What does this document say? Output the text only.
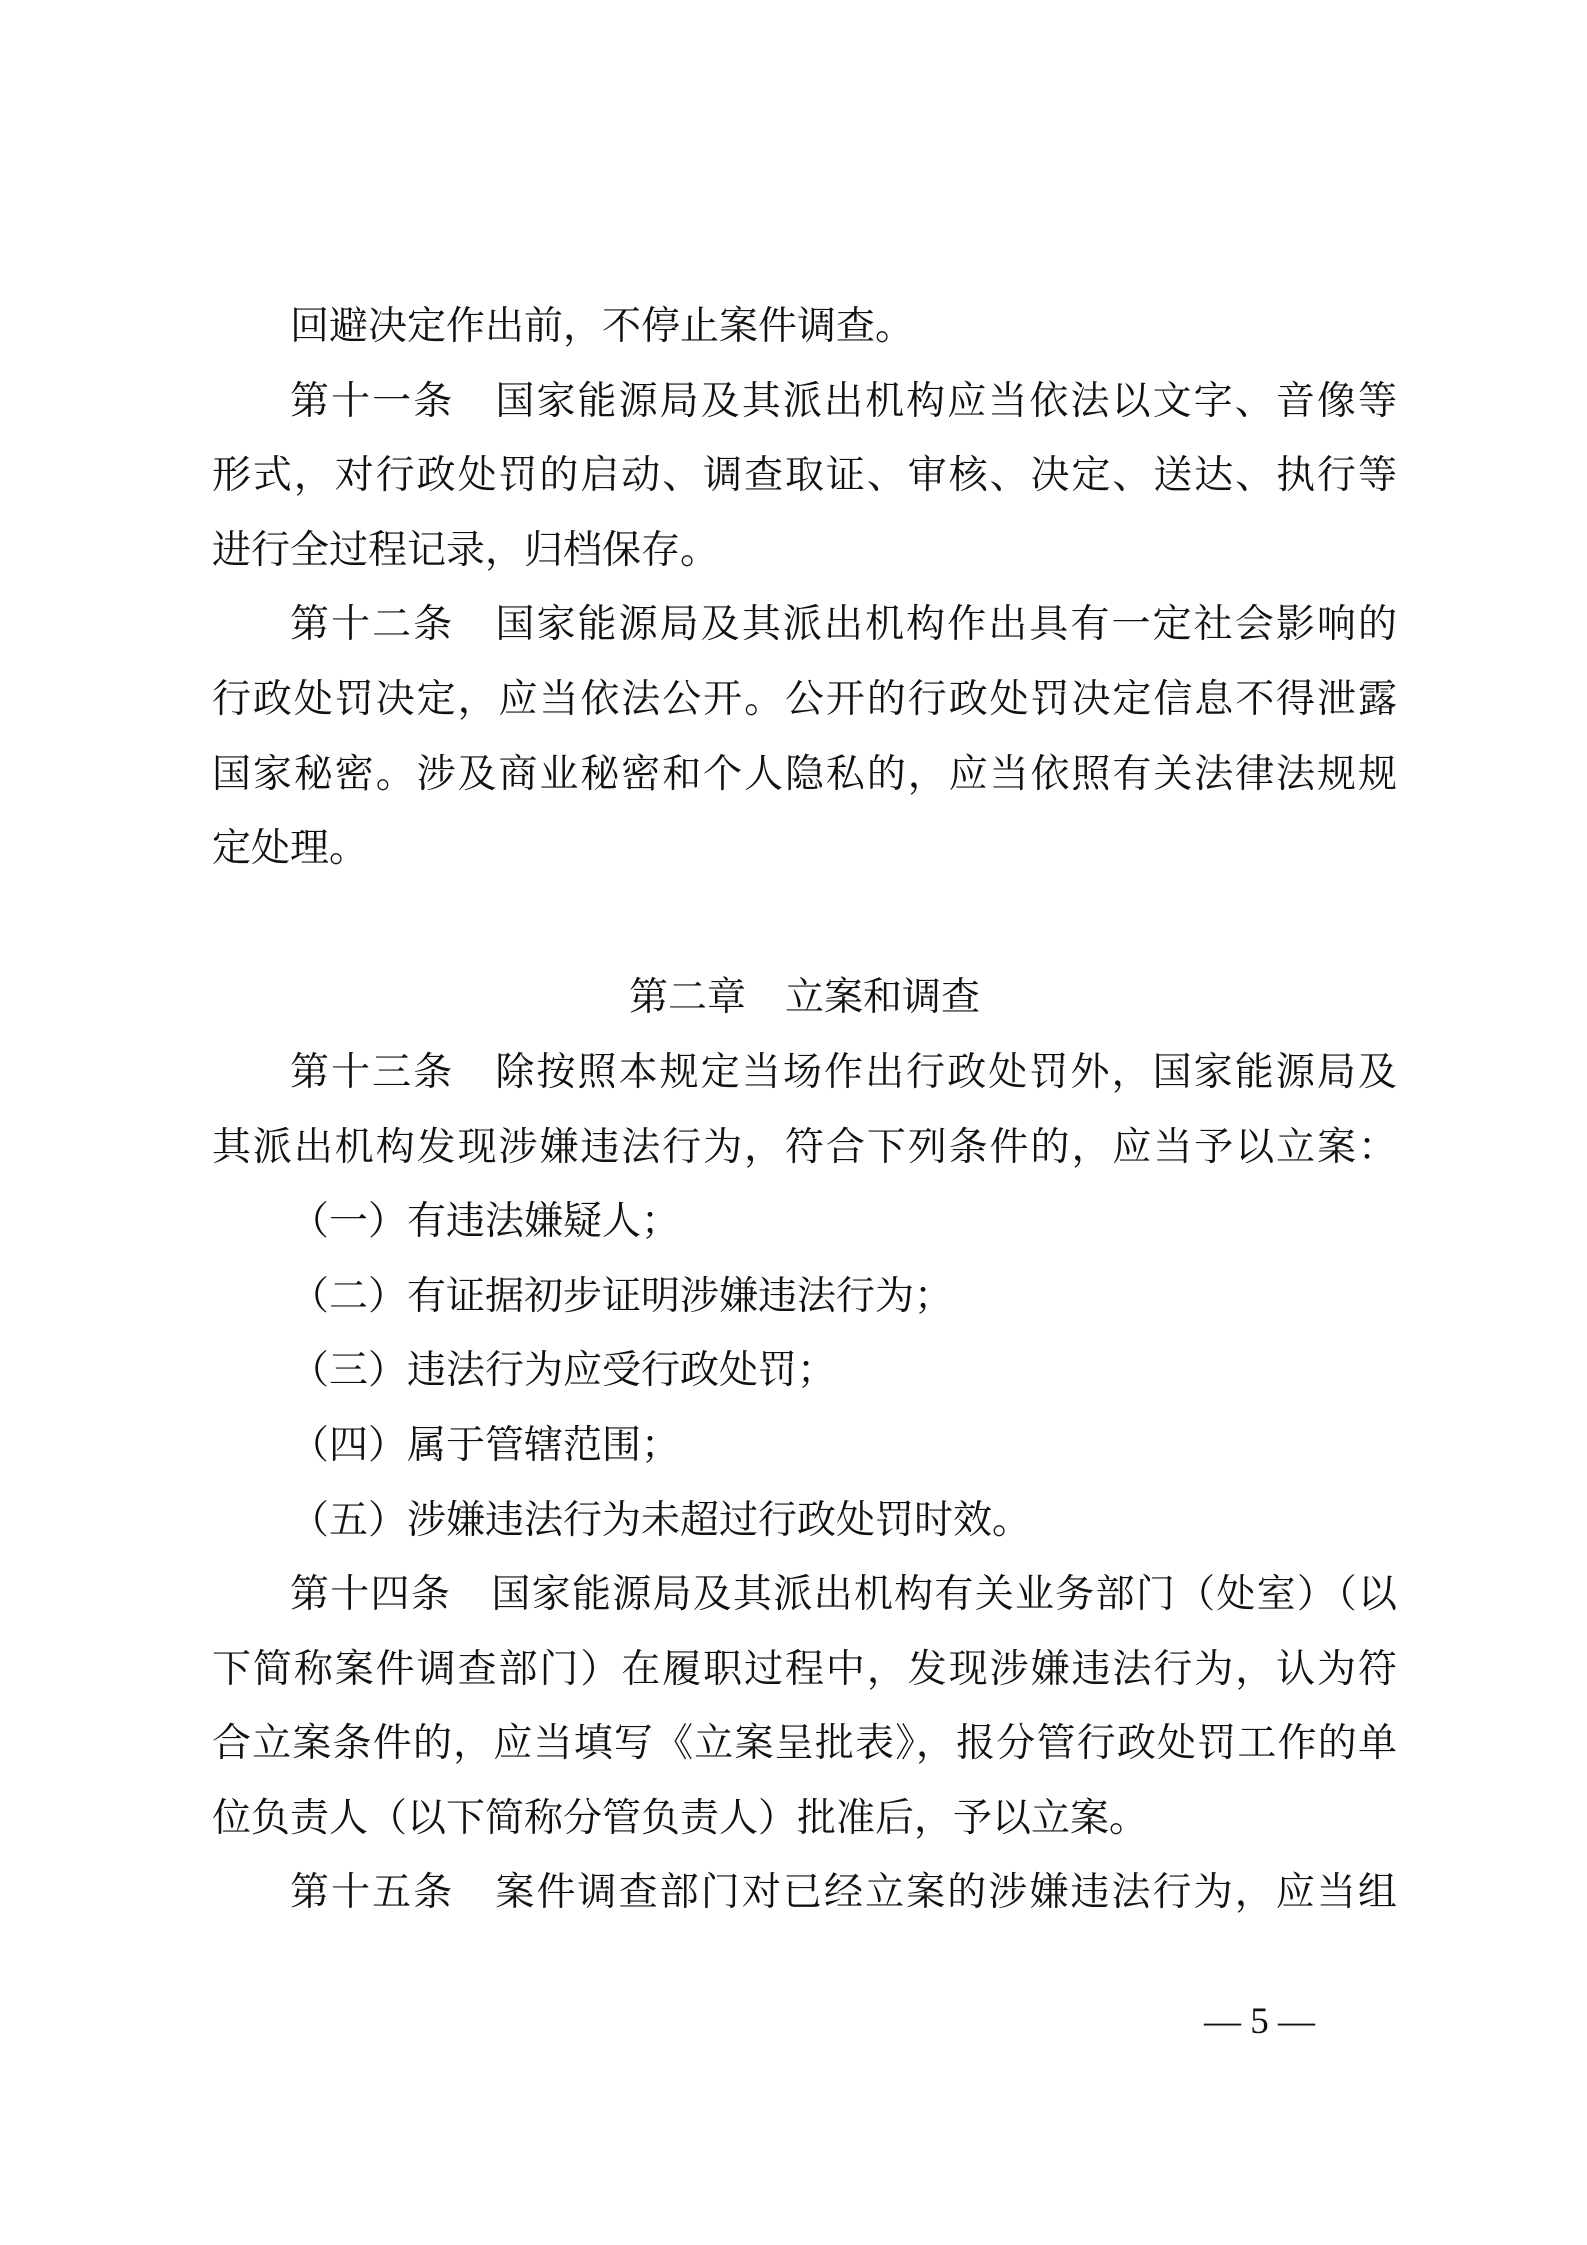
回避决定作出前，不停止案件调查。
第十一条　国家能源局及其派出机构应当依法以文字、音像等
形式，对行政处罚的启动、调查取证、审核、决定、送达、执行等
进行全过程记录，归档保存。
第十二条　国家能源局及其派出机构作出具有一定社会影响的
行政处罚决定，应当依法公开。公开的行政处罚决定信息不得泄露
国家秘密。涉及商业秘密和个人隐私的，应当依照有关法律法规规
定处理。
第二章　立案和调查
第十三条　除按照本规定当场作出行政处罚外，国家能源局及
其派出机构发现涉嫌违法行为，符合下列条件的，应当予以立案：
（一）有违法嫌疑人；
（二）有证据初步证明涉嫌违法行为；
（三）违法行为应受行政处罚；
（四）属于管辖范围；
（五）涉嫌违法行为未超过行政处罚时效。
第十四条　国家能源局及其派出机构有关业务部门（处室）（以
下简称案件调查部门）在履职过程中，发现涉嫌违法行为，认为符
合立案条件的，应当填写《立案呈批表》，报分管行政处罚工作的单
位负责人（以下简称分管负责人）批准后，予以立案。
第十五条　案件调查部门对已经立案的涉嫌违法行为，应当组
— 5 —
